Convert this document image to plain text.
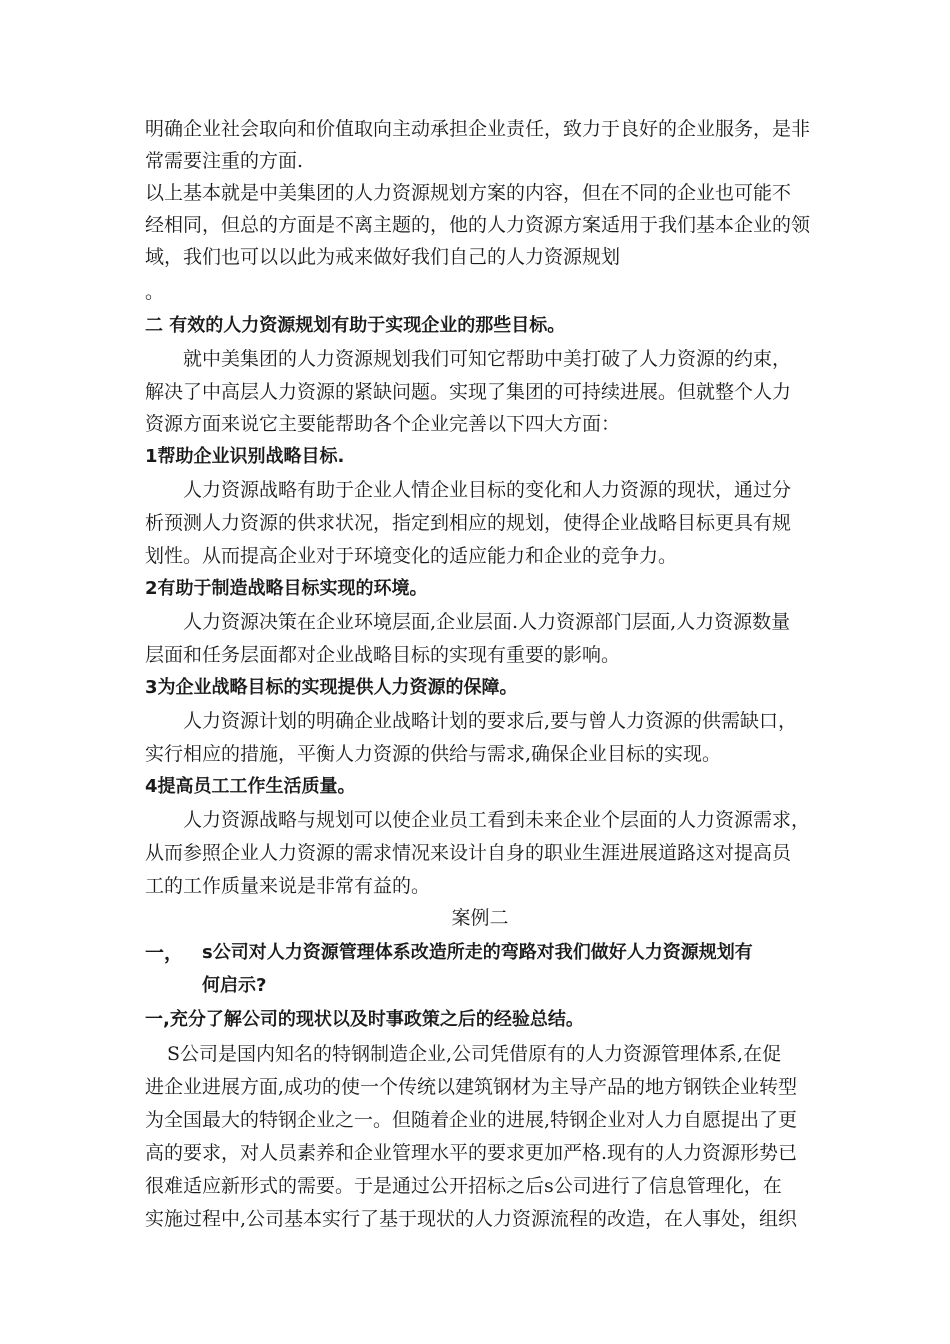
明确企业社会取向和价值取向主动承担企业责任，致力于良好的企业服务，是非
常需要注重的方面.
以上基本就是中美集团的人力资源规划方案的内容，但在不同的企业也可能不
经相同，但总的方面是不离主题的，他的人力资源方案适用于我们基本企业的领
域，我们也可以以此为戒来做好我们自己的人力资源规划
。
二 有效的人力资源规划有助于实现企业的那些目标。
就中美集团的人力资源规划我们可知它帮助中美打破了人力资源的约束，
解决了中高层人力资源的紧缺问题。实现了集团的可持续进展。但就整个人力
资源方面来说它主要能帮助各个企业完善以下四大方面：
1帮助企业识别战略目标.
人力资源战略有助于企业人情企业目标的变化和人力资源的现状，通过分
析预测人力资源的供求状况，指定到相应的规划，使得企业战略目标更具有规
划性。从而提高企业对于环境变化的适应能力和企业的竞争力。
2有助于制造战略目标实现的环境。
人力资源决策在企业环境层面,企业层面.人力资源部门层面,人力资源数量
层面和任务层面都对企业战略目标的实现有重要的影响。
3为企业战略目标的实现提供人力资源的保障。
人力资源计划的明确企业战略计划的要求后,要与曾人力资源的供需缺口，
实行相应的措施，平衡人力资源的供给与需求,确保企业目标的实现。
4提高员工工作生活质量。
人力资源战略与规划可以使企业员工看到未来企业个层面的人力资源需求，
从而参照企业人力资源的需求情况来设计自身的职业生涯进展道路这对提高员
工的工作质量来说是非常有益的。
案例二
一， s公司对人力资源管理体系改造所走的弯路对我们做好人力资源规划有
何启示?
一,充分了解公司的现状以及时事政策之后的经验总结。
S公司是国内知名的特钢制造企业,公司凭借原有的人力资源管理体系,在促
进企业进展方面,成功的使一个传统以建筑钢材为主导产品的地方钢铁企业转型
为全国最大的特钢企业之一。但随着企业的进展,特钢企业对人力自愿提出了更
高的要求，对人员素养和企业管理水平的要求更加严格.现有的人力资源形势已
很难适应新形式的需要。于是通过公开招标之后s公司进行了信息管理化，在
实施过程中,公司基本实行了基于现状的人力资源流程的改造，在人事处，组织
